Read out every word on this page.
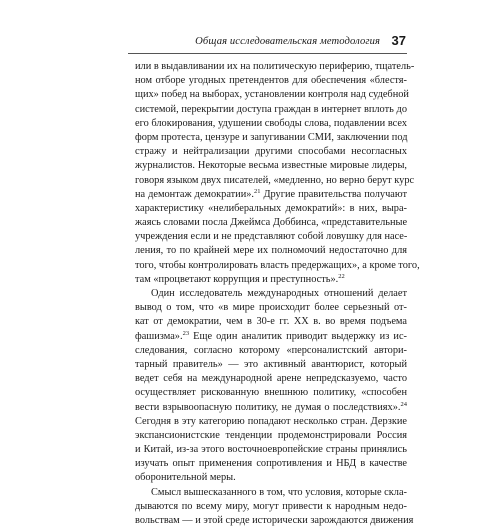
Общая исследовательская методология 37
или в выдавливании их на политическую периферию, тщатель-
ном отборе угодных претендентов для обеспечения «блестя-
щих» побед на выборах, установлении контроля над судебной
системой, перекрытии доступа граждан в интернет вплоть до
его блокирования, удушении свободы слова, подавлении всех
форм протеста, цензуре и запугивании СМИ, заключении под
стражу и нейтрализации другими способами несогласных
журналистов. Некоторые весьма известные мировые лидеры,
говоря языком двух писателей, «медленно, но верно берут курс
на демонтаж демократии».$^{21}$ Другие правительства получают
характеристику «нелиберальных демократий»: в них, выра-
жаясь словами посла Джеймса Доббинса, «представительные
учреждения если и не представляют собой ловушку для насе-
ления, то по крайней мере их полномочий недостаточно для
того, чтобы контролировать власть предержащих», а кроме того,
там «процветают коррупция и преступность».$^{22}$
Один исследователь международных отношений делает
вывод о том, что «в мире происходит более серьезный от-
кат от демократии, чем в 30-е гг. XX в. во время подъема
фашизма».$^{23}$ Еще один аналитик приводит выдержку из ис-
следования, согласно которому «персоналистский автори-
тарный правитель» — это активный авантюрист, который
ведет себя на международной арене непредсказуемо, часто
осуществляет рискованную внешнюю политику, «способен
вести взрывоопасную политику, не думая о последствиях».$^{24}$
Сегодня в эту категорию попадают несколько стран. Дерзкие
экспансионистские тенденции продемонстрировали Россия
и Китай, из-за этого восточноевропейские страны принялись
изучать опыт применения сопротивления и НБД в качестве
оборонительной меры.
Смысл вышесказанного в том, что условия, которые скла-
дываются по всему миру, могут привести к народным недо-
вольствам — и этой среде исторически зарождаются движения
